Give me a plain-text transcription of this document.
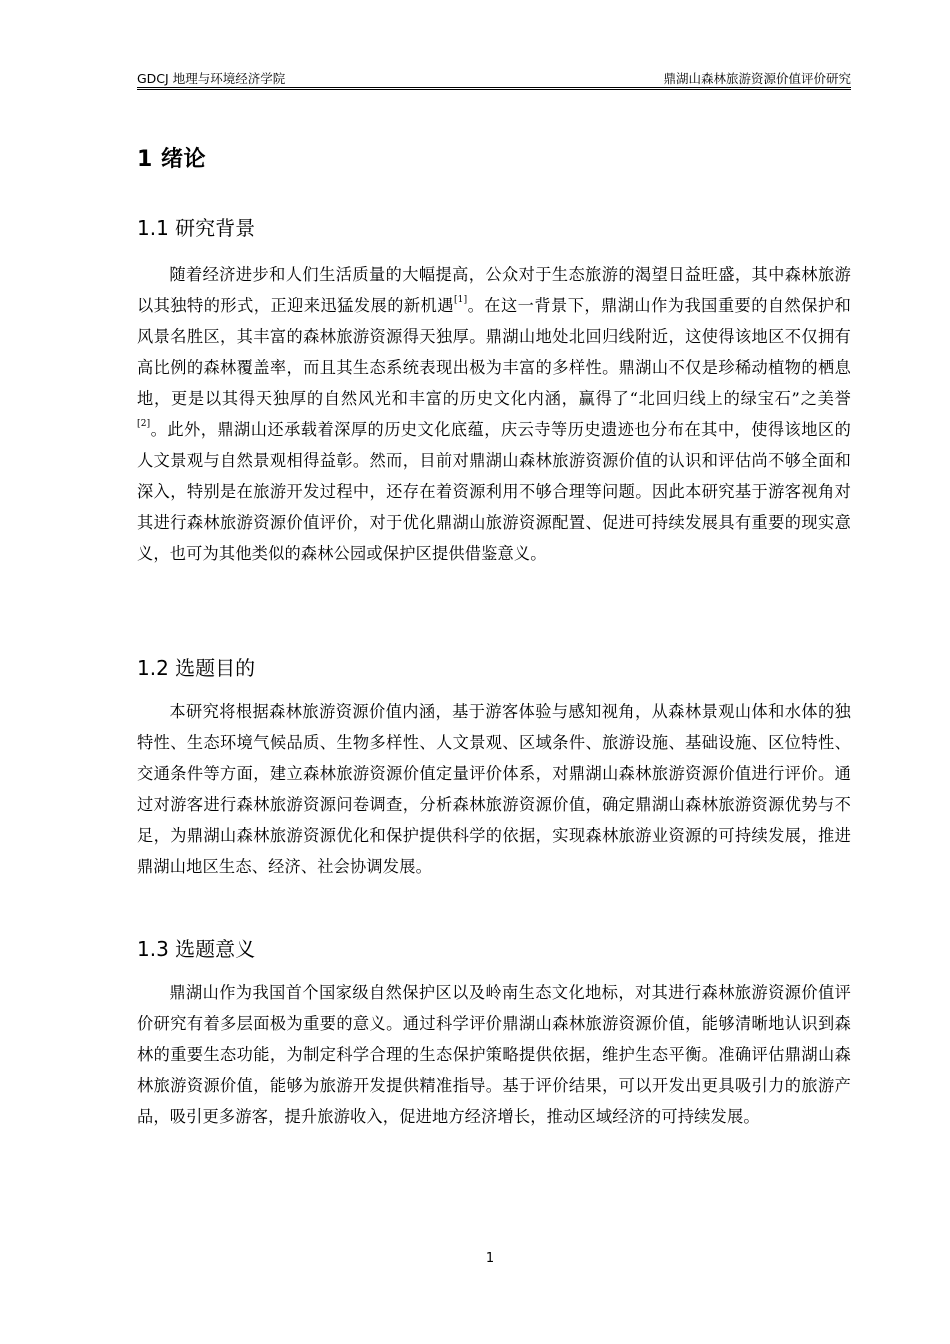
GDCJ 地理与环境经济学院	鼎湖山森林旅游资源价值评价研究
1 绪论
1.1 研究背景

随着经济进步和人们生活质量的大幅提高，公众对于生态旅游的渴望日益旺盛，其中森林旅游以其独特的形式，正迎来迅猛发展的新机遇[1]。在这一背景下，鼎湖山作为我国重要的自然保护和风景名胜区，其丰富的森林旅游资源得天独厚。鼎湖山地处北回归线附近，这使得该地区不仅拥有高比例的森林覆盖率，而且其生态系统表现出极为丰富的多样性。鼎湖山不仅是珍稀动植物的栖息地，更是以其得天独厚的自然风光和丰富的历史文化内涵，赢得了“北回归线上的绿宝石”之美誉[2]。此外，鼎湖山还承载着深厚的历史文化底蕴，庆云寺等历史遗迹也分布在其中，使得该地区的人文景观与自然景观相得益彰。然而，目前对鼎湖山森林旅游资源价值的认识和评估尚不够全面和深入，特别是在旅游开发过程中，还存在着资源利用不够合理等问题。因此本研究基于游客视角对其进行森林旅游资源价值评价，对于优化鼎湖山旅游资源配置、促进可持续发展具有重要的现实意义，也可为其他类似的森林公园或保护区提供借鉴意义。

1.2 选题目的

本研究将根据森林旅游资源价值内涵，基于游客体验与感知视角，从森林景观山体和水体的独特性、生态环境气候品质、生物多样性、人文景观、区域条件、旅游设施、基础设施、区位特性、交通条件等方面，建立森林旅游资源价值定量评价体系，对鼎湖山森林旅游资源价值进行评价。通过对游客进行森林旅游资源问卷调查，分析森林旅游资源价值，确定鼎湖山森林旅游资源优势与不足，为鼎湖山森林旅游资源优化和保护提供科学的依据，实现森林旅游业资源的可持续发展，推进鼎湖山地区生态、经济、社会协调发展。

1.3 选题意义

鼎湖山作为我国首个国家级自然保护区以及岭南生态文化地标，对其进行森林旅游资源价值评价研究有着多层面极为重要的意义。通过科学评价鼎湖山森林旅游资源价值，能够清晰地认识到森林的重要生态功能，为制定科学合理的生态保护策略提供依据，维护生态平衡。准确评估鼎湖山森林旅游资源价值，能够为旅游开发提供精准指导。基于评价结果，可以开发出更具吸引力的旅游产品，吸引更多游客，提升旅游收入，促进地方经济增长，推动区域经济的可持续发展。

1
